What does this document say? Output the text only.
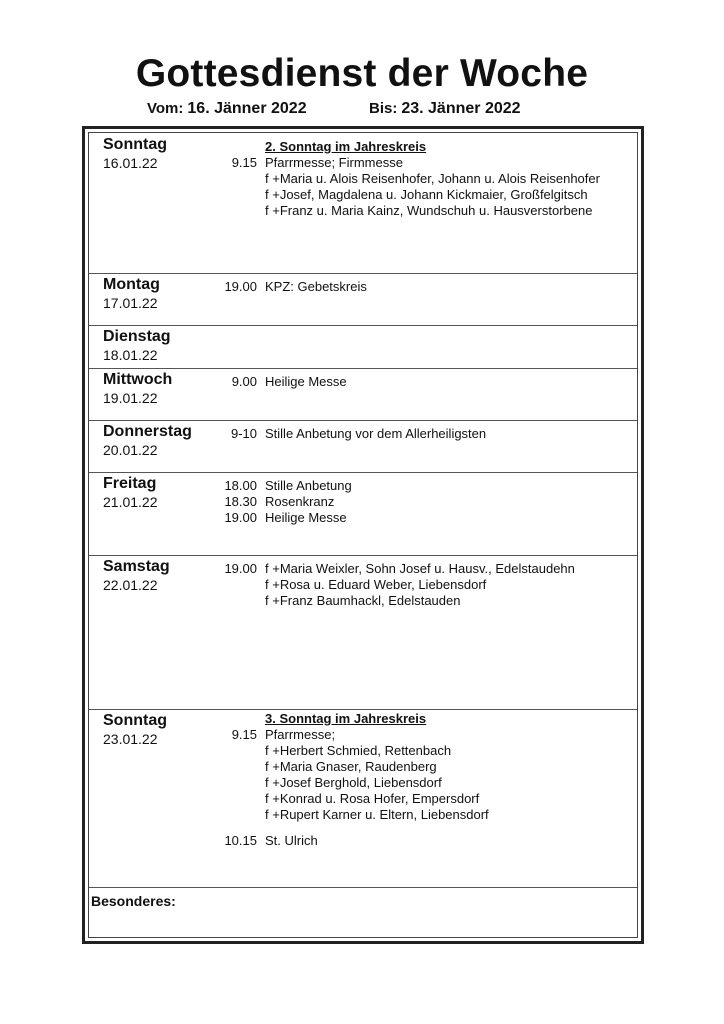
Gottesdienst der Woche
Vom: 16. Jänner 2022	Bis: 23. Jänner 2022
Sonntag
16.01.22
2. Sonntag im Jahreskreis
9.15 Pfarrmesse; Firmmesse
f +Maria u. Alois Reisenhofer, Johann u. Alois Reisenhofer
f +Josef, Magdalena u. Johann Kickmaier, Großfelgitsch
f +Franz u. Maria Kainz, Wundschuh u. Hausverstorbene
Montag
17.01.22
19.00 KPZ: Gebetskreis
Dienstag
18.01.22
Mittwoch
19.01.22
9.00 Heilige Messe
Donnerstag
20.01.22
9-10 Stille Anbetung vor dem Allerheiligsten
Freitag
21.01.22
18.00 Stille Anbetung
18.30 Rosenkranz
19.00 Heilige Messe
Samstag
22.01.22
19.00 f +Maria Weixler, Sohn Josef u. Hausv., Edelstaudehn
f +Rosa u. Eduard Weber, Liebensdorf
f +Franz Baumhackl, Edelstauden
Sonntag
23.01.22
3. Sonntag im Jahreskreis
9.15 Pfarrmesse;
f +Herbert Schmied, Rettenbach
f +Maria Gnaser, Raudenberg
f +Josef Berghold, Liebensdorf
f +Konrad u. Rosa Hofer, Empersdorf
f +Rupert Karner u. Eltern, Liebensdorf
10.15 St. Ulrich
Besonderes:
